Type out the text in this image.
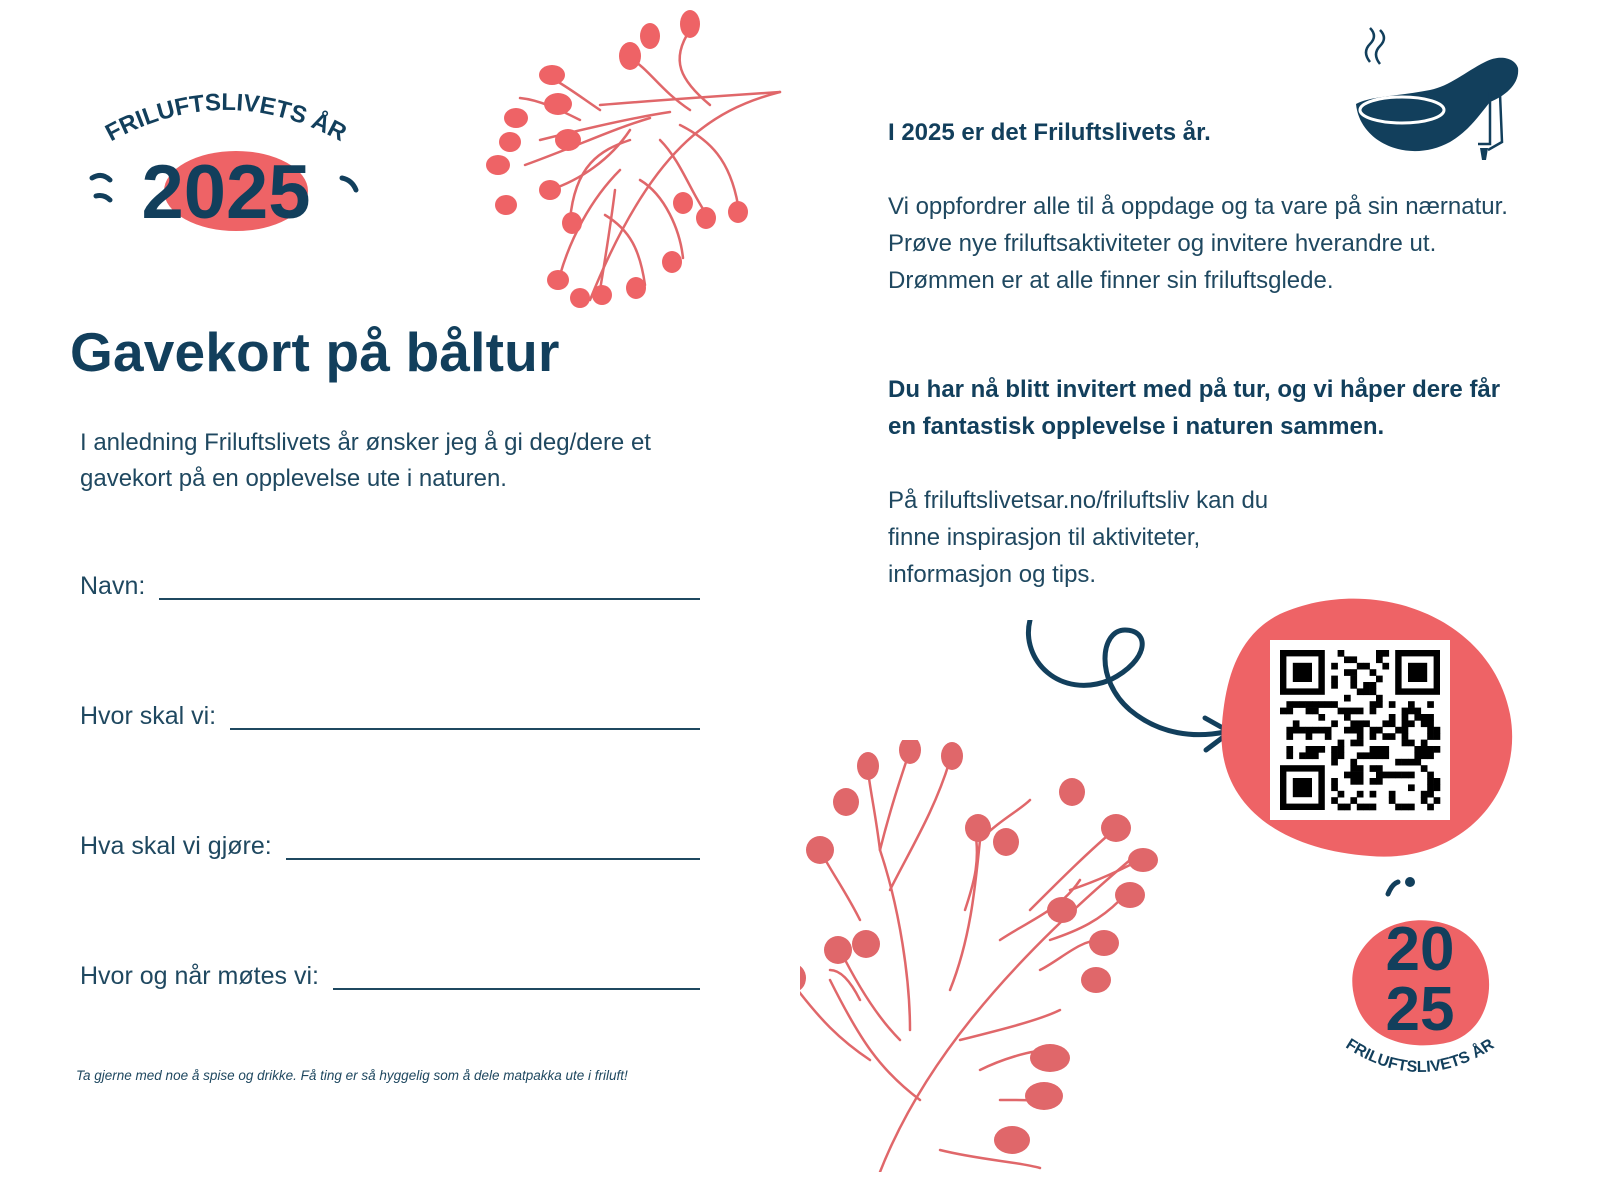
FRILUFTSLIVETS ÅR
2025
Gavekort på båltur

I anledning Friluftslivets år ønsker jeg å gi deg/dere et gavekort på en opplevelse ute i naturen.

Navn:
Hvor skal vi:
Hva skal vi gjøre:
Hvor og når møtes vi:

Ta gjerne med noe å spise og drikke. Få ting er så hyggelig som å dele matpakka ute i friluft!

I 2025 er det Friluftslivets år.

Vi oppfordrer alle til å oppdage og ta vare på sin nærnatur. Prøve nye friluftsaktiviteter og invitere hverandre ut. Drømmen er at alle finner sin friluftsglede.

Du har nå blitt invitert med på tur, og vi håper dere får en fantastisk opplevelse i naturen sammen.

På friluftslivetsar.no/friluftsliv kan du finne inspirasjon til aktiviteter, informasjon og tips.

20
25
FRILUFTSLIVETS ÅR
